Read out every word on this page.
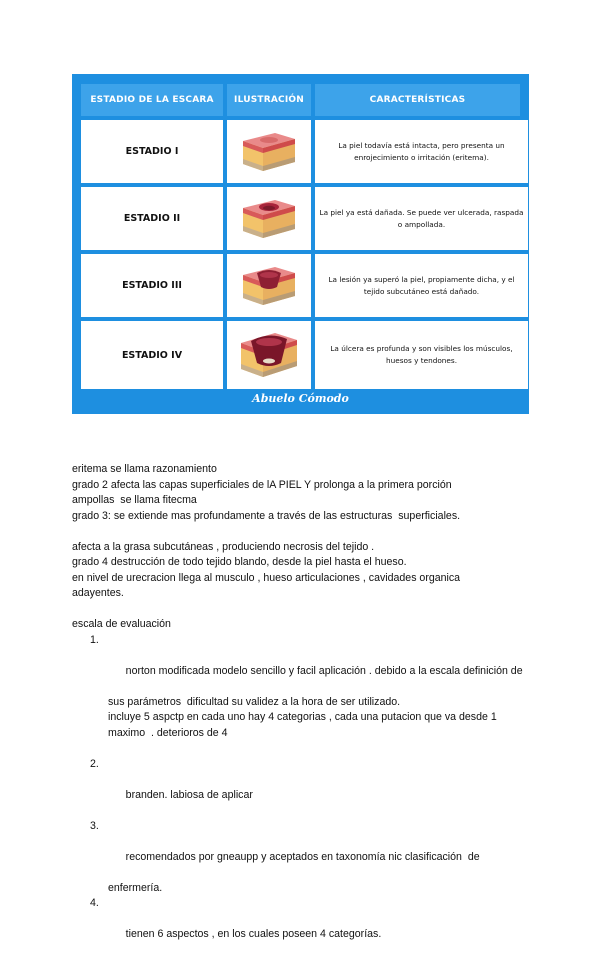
ESTADIO DE LA ESCARA	ILUSTRACIÓN	CARACTERÍSTICAS
ESTADIO I
La piel todavía está intacta, pero presenta un enrojecimiento o irritación (eritema).
ESTADIO II
La piel ya está dañada. Se puede ver ulcerada, raspada o ampollada.
ESTADIO III
La lesión ya superó la piel, propiamente dicha, y el tejido subcutáneo está dañado.
ESTADIO IV
La úlcera es profunda y son visibles los músculos, huesos y tendones.
Abuelo Cómodo

eritema se llama razonamiento

grado 2 afecta las capas superficiales de lA PIEL Y prolonga a la primera porción

ampollas  se llama fitecma

grado 3: se extiende mas profundamente a través de las estructuras  superficiales.

afecta a la grasa subcutáneas , produciendo necrosis del tejido .

grado 4 destrucción de todo tejido blando, desde la piel hasta el hueso.

en nivel de urecracion llega al musculo , hueso articulaciones , cavidades organica

adayentes.

escala de evaluación

1.

norton modificada modelo sencillo y facil aplicación . debido a la escala definición de

sus parámetros  dificultad su validez a la hora de ser utilizado.
incluye 5 aspctp en cada uno hay 4 categorias , cada una putacion que va desde 1
maximo  . deterioros de 4

2.

branden. labiosa de aplicar

3.

recomendados por gneaupp y aceptados en taxonomía nic clasificación  de

enfermería.

4.

tienen 6 aspectos , en los cuales poseen 4 categorías.
